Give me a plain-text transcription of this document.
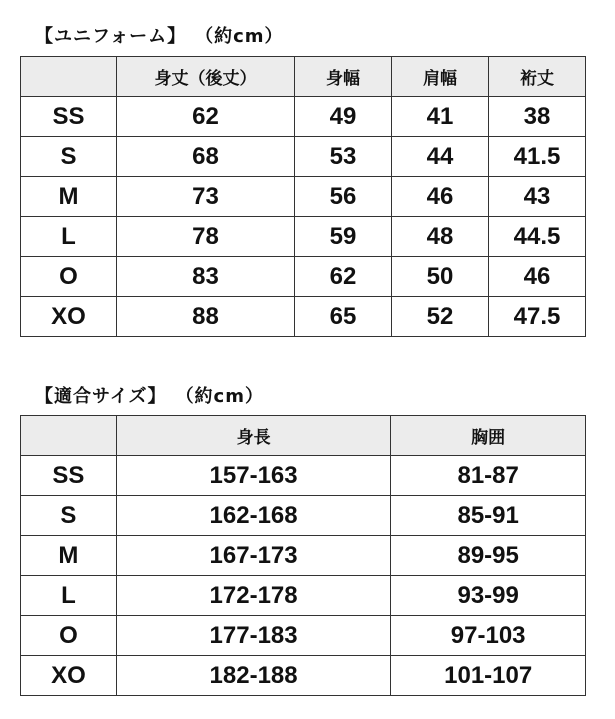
【ユニフォーム】 （約cm）
	身丈（後丈）	身幅	肩幅	裄丈
SS	62	49	41	38
S	68	53	44	41.5
M	73	56	46	43
L	78	59	48	44.5
O	83	62	50	46
XO	88	65	52	47.5
【適合サイズ】 （約cm）
	身長	胸囲
SS	157-163	81-87
S	162-168	85-91
M	167-173	89-95
L	172-178	93-99
O	177-183	97-103
XO	182-188	101-107
